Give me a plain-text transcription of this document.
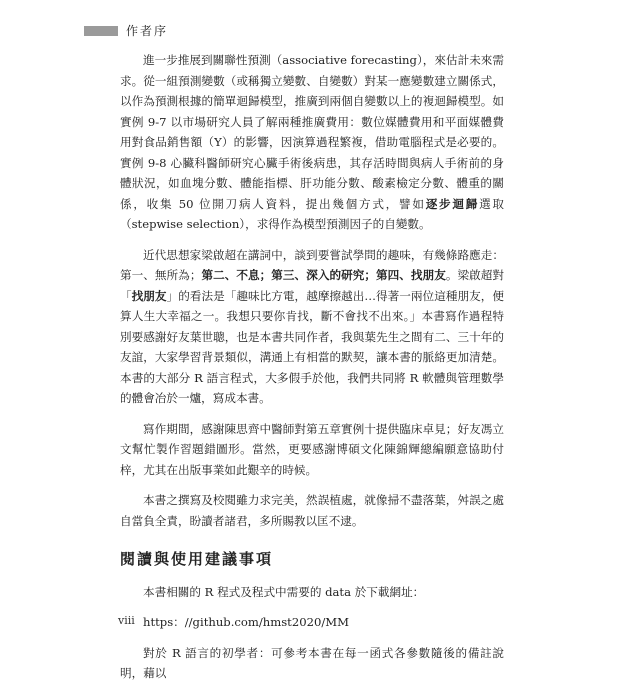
作者序

進一步推展到關聯性預測（associative forecasting），來估計未來需求。從一組預測變數（或稱獨立變數、自變數）對某一應變數建立關係式，以作為預測根據的簡單迴歸模型，推廣到兩個自變數以上的複迴歸模型。如實例 9-7 以市場研究人員了解兩種推廣費用：數位媒體費用和平面媒體費用對食品銷售額（Y）的影響，因演算過程繁複，借助電腦程式是必要的。實例 9-8 心臟科醫師研究心臟手術後病患，其存活時間與病人手術前的身體狀況，如血塊分數、體能指標、肝功能分數、酸素檢定分數、體重的關係，收集 50 位開刀病人資料，提出幾個方式，譬如逐步迴歸選取（stepwise selection），求得作為模型預測因子的自變數。

近代思想家梁啟超在講詞中，談到要嘗試學問的趣味，有幾條路應走：第一、無所為；第二、不息；第三、深入的研究；第四、找朋友。梁啟超對「找朋友」的看法是「趣味比方電，越摩擦越出…得著一兩位這種朋友，便算人生大幸福之一。我想只要你肯找，斷不會找不出來。」本書寫作過程特別要感謝好友葉世聰，也是本書共同作者，我與葉先生之間有二、三十年的友誼，大家學習背景類似，溝通上有相當的默契，讓本書的脈絡更加清楚。本書的大部分 R 語言程式，大多假手於他，我們共同將 R 軟體與管理數學的體會冶於一爐，寫成本書。

寫作期間，感謝陳思齊中醫師對第五章實例十提供臨床卓見；好友馮立文幫忙製作習題錯圖形。當然，更要感謝博碩文化陳錦輝總編願意協助付梓，尤其在出版事業如此艱辛的時候。

本書之撰寫及校閱雖力求完美，然誤植處，就像掃不盡落葉，舛誤之處自當負全責，盼讀者諸君，多所賜教以匡不逮。

閱讀與使用建議事項

本書相關的 R 程式及程式中需要的 data 於下載網址：

https：//github.com/hmst2020/MM

對於 R 語言的初學者：可參考本書在每一函式各參數隨後的備註說明，藉以

viii
